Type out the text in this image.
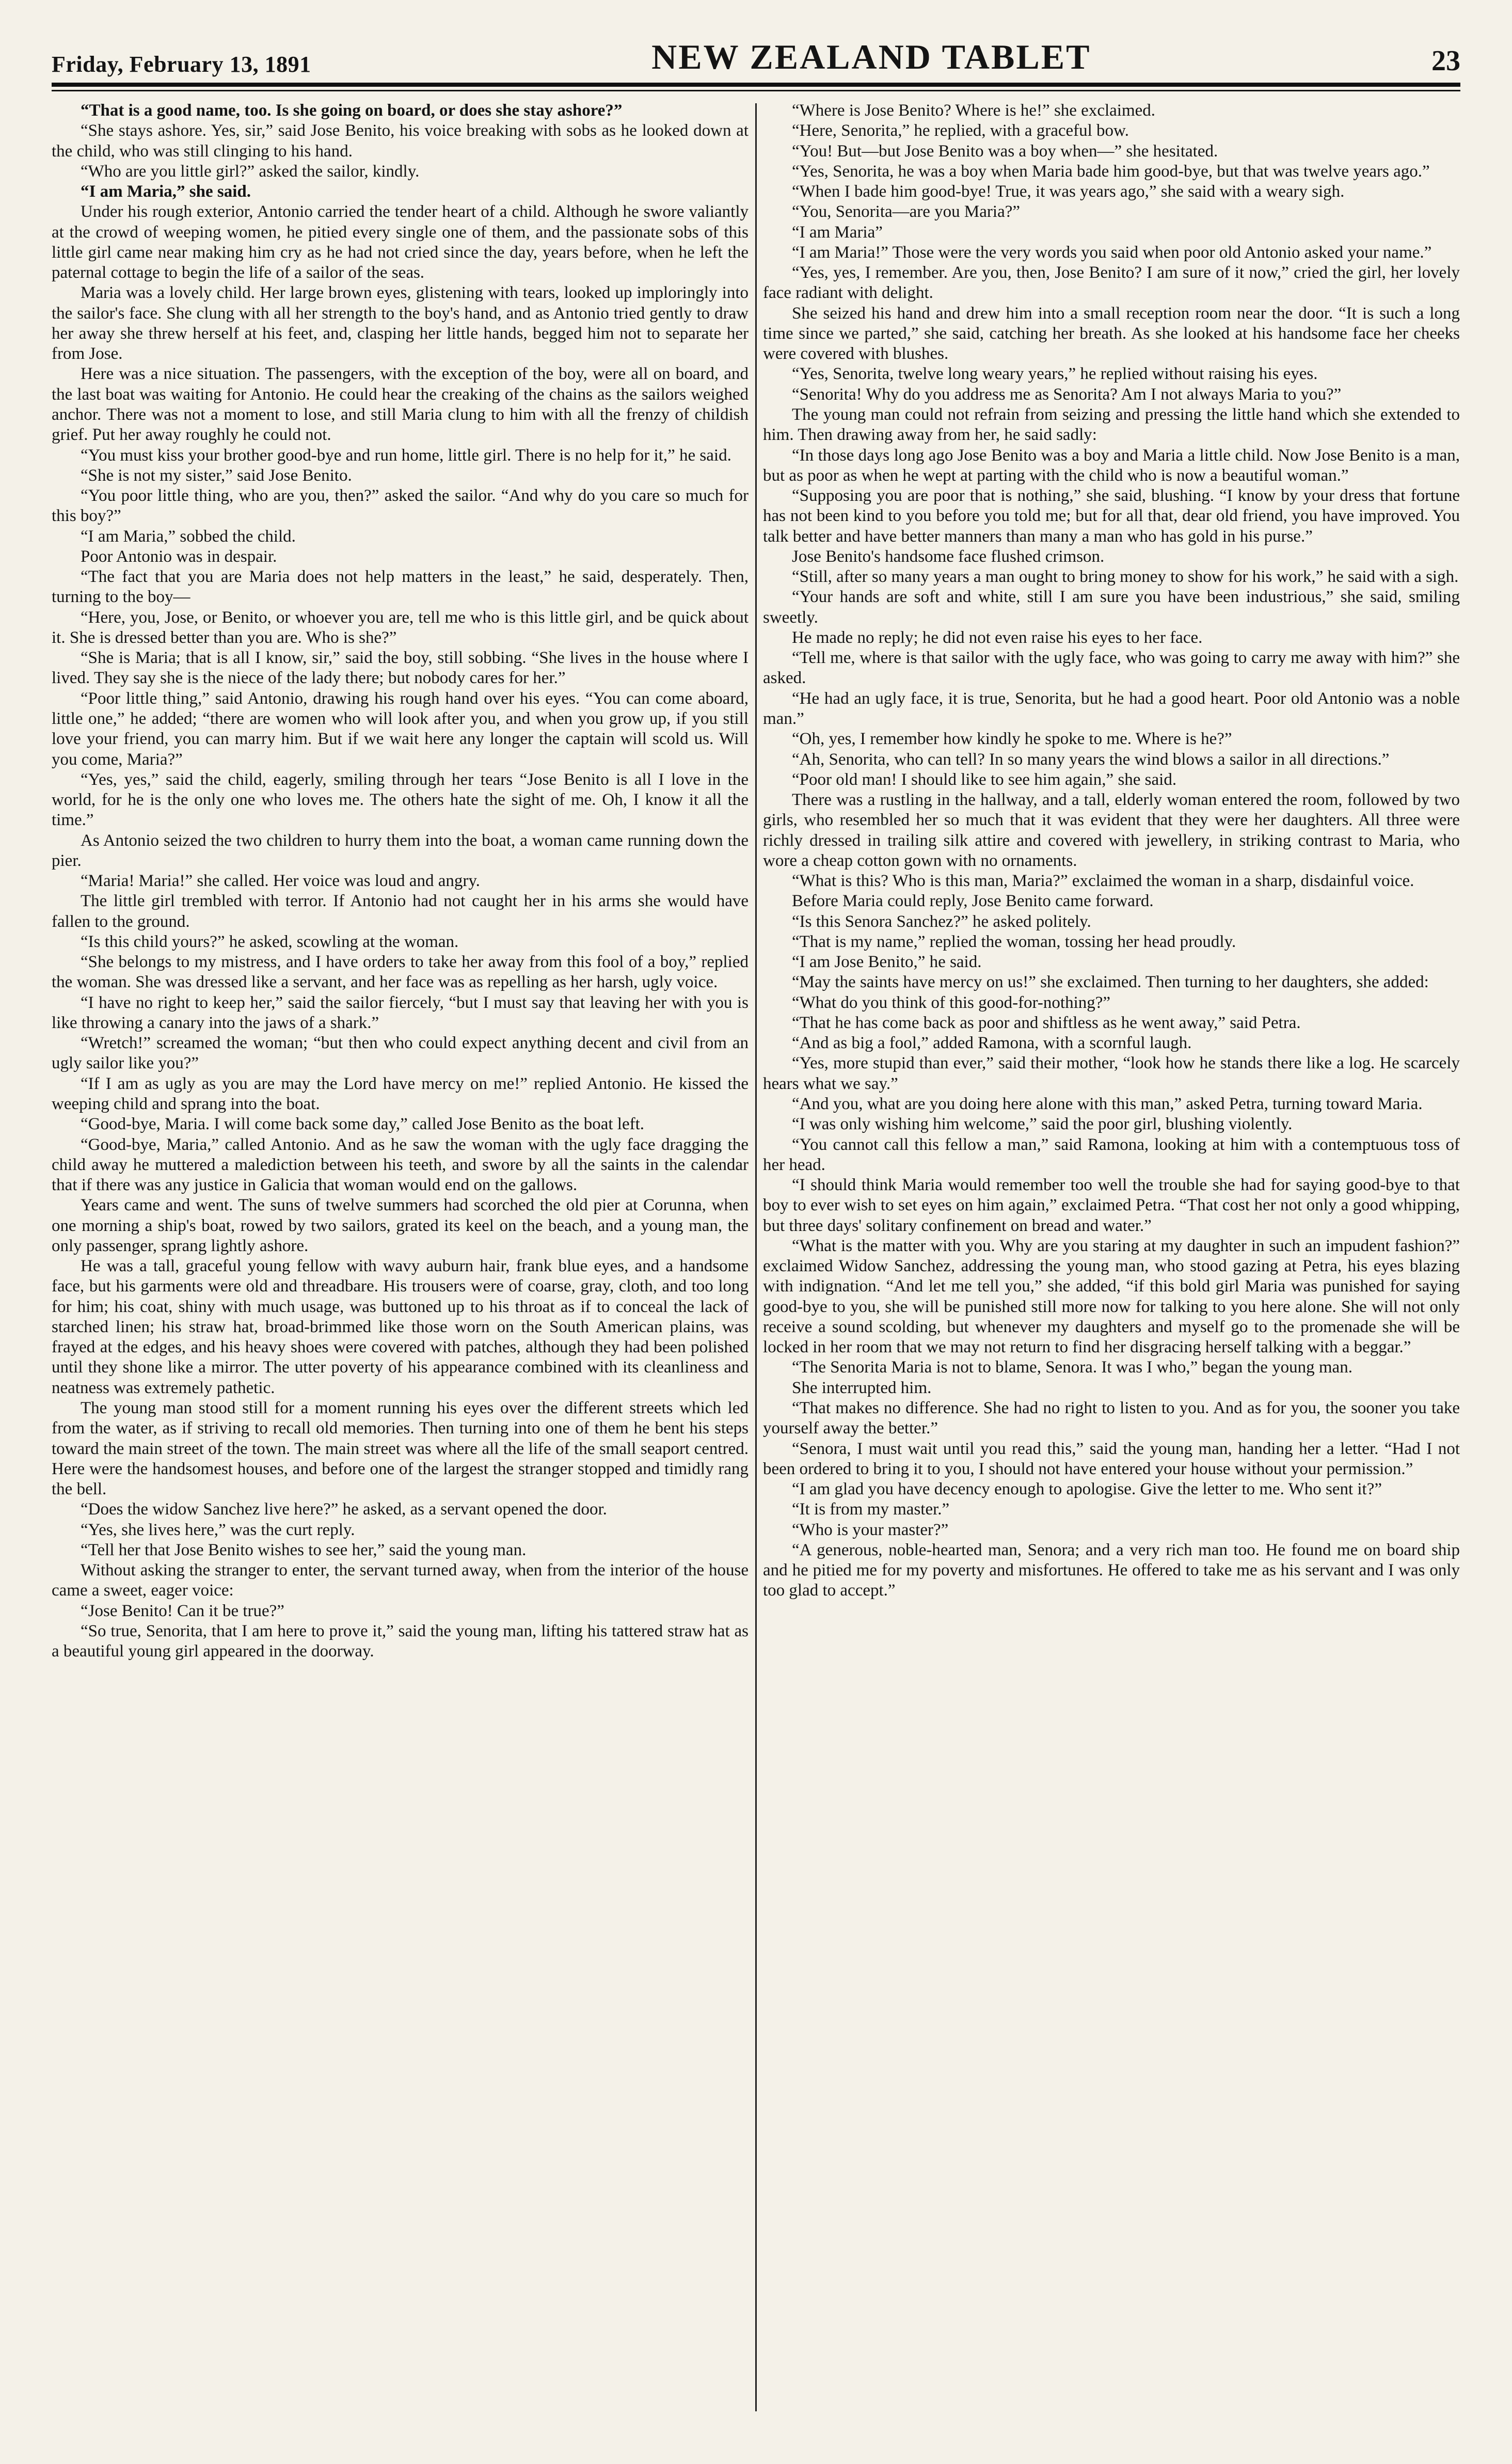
Friday, February 13, 1891	NEW ZEALAND TABLET	23

“That is a good name, too. Is she going on board, or does she stay ashore?”

“She stays ashore. Yes, sir,” said Jose Benito, his voice breaking with sobs as he looked down at the child, who was still clinging to his hand.

“Who are you little girl?” asked the sailor, kindly.

“I am Maria,” she said.

Under his rough exterior, Antonio carried the tender heart of a child. Although he swore valiantly at the crowd of weeping women, he pitied every single one of them, and the passionate sobs of this little girl came near making him cry as he had not cried since the day, years before, when he left the paternal cottage to begin the life of a sailor of the seas.

Maria was a lovely child. Her large brown eyes, glistening with tears, looked up imploringly into the sailor's face. She clung with all her strength to the boy's hand, and as Antonio tried gently to draw her away she threw herself at his feet, and, clasping her little hands, begged him not to separate her from Jose.

Here was a nice situation. The passengers, with the exception of the boy, were all on board, and the last boat was waiting for Antonio. He could hear the creaking of the chains as the sailors weighed anchor. There was not a moment to lose, and still Maria clung to him with all the frenzy of childish grief. Put her away roughly he could not.

“You must kiss your brother good-bye and run home, little girl. There is no help for it,” he said.

“She is not my sister,” said Jose Benito.

“You poor little thing, who are you, then?” asked the sailor. “And why do you care so much for this boy?”

“I am Maria,” sobbed the child.

Poor Antonio was in despair.

“The fact that you are Maria does not help matters in the least,” he said, desperately. Then, turning to the boy—

“Here, you, Jose, or Benito, or whoever you are, tell me who is this little girl, and be quick about it. She is dressed better than you are. Who is she?”

“She is Maria; that is all I know, sir,” said the boy, still sobbing. “She lives in the house where I lived. They say she is the niece of the lady there; but nobody cares for her.”

“Poor little thing,” said Antonio, drawing his rough hand over his eyes. “You can come aboard, little one,” he added; “there are women who will look after you, and when you grow up, if you still love your friend, you can marry him. But if we wait here any longer the captain will scold us. Will you come, Maria?”

“Yes, yes,” said the child, eagerly, smiling through her tears “Jose Benito is all I love in the world, for he is the only one who loves me. The others hate the sight of me. Oh, I know it all the time.”

As Antonio seized the two children to hurry them into the boat, a woman came running down the pier.

“Maria! Maria!” she called. Her voice was loud and angry.

The little girl trembled with terror. If Antonio had not caught her in his arms she would have fallen to the ground.

“Is this child yours?” he asked, scowling at the woman.

“She belongs to my mistress, and I have orders to take her away from this fool of a boy,” replied the woman. She was dressed like a servant, and her face was as repelling as her harsh, ugly voice.

“I have no right to keep her,” said the sailor fiercely, “but I must say that leaving her with you is like throwing a canary into the jaws of a shark.”

“Wretch!” screamed the woman; “but then who could expect anything decent and civil from an ugly sailor like you?”

“If I am as ugly as you are may the Lord have mercy on me!” replied Antonio. He kissed the weeping child and sprang into the boat.

“Good-bye, Maria. I will come back some day,” called Jose Benito as the boat left.

“Good-bye, Maria,” called Antonio. And as he saw the woman with the ugly face dragging the child away he muttered a malediction between his teeth, and swore by all the saints in the calendar that if there was any justice in Galicia that woman would end on the gallows.

Years came and went. The suns of twelve summers had scorched the old pier at Corunna, when one morning a ship's boat, rowed by two sailors, grated its keel on the beach, and a young man, the only passenger, sprang lightly ashore.

He was a tall, graceful young fellow with wavy auburn hair, frank blue eyes, and a handsome face, but his garments were old and threadbare. His trousers were of coarse, gray, cloth, and too long for him; his coat, shiny with much usage, was buttoned up to his throat as if to conceal the lack of starched linen; his straw hat, broad-brimmed like those worn on the South American plains, was frayed at the edges, and his heavy shoes were covered with patches, although they had been polished until they shone like a mirror. The utter poverty of his appearance combined with its cleanliness and neatness was extremely pathetic.

The young man stood still for a moment running his eyes over the different streets which led from the water, as if striving to recall old memories. Then turning into one of them he bent his steps toward the main street of the town. The main street was where all the life of the small seaport centred. Here were the handsomest houses, and before one of the largest the stranger stopped and timidly rang the bell.

“Does the widow Sanchez live here?” he asked, as a servant opened the door.

“Yes, she lives here,” was the curt reply.

“Tell her that Jose Benito wishes to see her,” said the young man.

Without asking the stranger to enter, the servant turned away, when from the interior of the house came a sweet, eager voice:

“Jose Benito! Can it be true?”

“So true, Senorita, that I am here to prove it,” said the young man, lifting his tattered straw hat as a beautiful young girl appeared in the doorway.

“Where is Jose Benito? Where is he!” she exclaimed.

“Here, Senorita,” he replied, with a graceful bow.

“You! But—but Jose Benito was a boy when—” she hesitated.

“Yes, Senorita, he was a boy when Maria bade him good-bye, but that was twelve years ago.”

“When I bade him good-bye! True, it was years ago,” she said with a weary sigh.

“You, Senorita—are you Maria?”

“I am Maria”

“I am Maria!” Those were the very words you said when poor old Antonio asked your name.”

“Yes, yes, I remember. Are you, then, Jose Benito? I am sure of it now,” cried the girl, her lovely face radiant with delight.

She seized his hand and drew him into a small reception room near the door. “It is such a long time since we parted,” she said, catching her breath. As she looked at his handsome face her cheeks were covered with blushes.

“Yes, Senorita, twelve long weary years,” he replied without raising his eyes.

“Senorita! Why do you address me as Senorita? Am I not always Maria to you?”

The young man could not refrain from seizing and pressing the little hand which she extended to him. Then drawing away from her, he said sadly:

“In those days long ago Jose Benito was a boy and Maria a little child. Now Jose Benito is a man, but as poor as when he wept at parting with the child who is now a beautiful woman.”

“Supposing you are poor that is nothing,” she said, blushing. “I know by your dress that fortune has not been kind to you before you told me; but for all that, dear old friend, you have improved. You talk better and have better manners than many a man who has gold in his purse.”

Jose Benito's handsome face flushed crimson.

“Still, after so many years a man ought to bring money to show for his work,” he said with a sigh.

“Your hands are soft and white, still I am sure you have been industrious,” she said, smiling sweetly.

He made no reply; he did not even raise his eyes to her face.

“Tell me, where is that sailor with the ugly face, who was going to carry me away with him?” she asked.

“He had an ugly face, it is true, Senorita, but he had a good heart. Poor old Antonio was a noble man.”

“Oh, yes, I remember how kindly he spoke to me. Where is he?”

“Ah, Senorita, who can tell? In so many years the wind blows a sailor in all directions.”

“Poor old man! I should like to see him again,” she said.

There was a rustling in the hallway, and a tall, elderly woman entered the room, followed by two girls, who resembled her so much that it was evident that they were her daughters. All three were richly dressed in trailing silk attire and covered with jewellery, in striking contrast to Maria, who wore a cheap cotton gown with no ornaments.

“What is this? Who is this man, Maria?” exclaimed the woman in a sharp, disdainful voice.

Before Maria could reply, Jose Benito came forward.

“Is this Senora Sanchez?” he asked politely.

“That is my name,” replied the woman, tossing her head proudly.

“I am Jose Benito,” he said.

“May the saints have mercy on us!” she exclaimed. Then turning to her daughters, she added:

“What do you think of this good-for-nothing?”

“That he has come back as poor and shiftless as he went away,” said Petra.

“And as big a fool,” added Ramona, with a scornful laugh.

“Yes, more stupid than ever,” said their mother, “look how he stands there like a log. He scarcely hears what we say.”

“And you, what are you doing here alone with this man,” asked Petra, turning toward Maria.

“I was only wishing him welcome,” said the poor girl, blushing violently.

“You cannot call this fellow a man,” said Ramona, looking at him with a contemptuous toss of her head.

“I should think Maria would remember too well the trouble she had for saying good-bye to that boy to ever wish to set eyes on him again,” exclaimed Petra. “That cost her not only a good whipping, but three days' solitary confinement on bread and water.”

“What is the matter with you. Why are you staring at my daughter in such an impudent fashion?” exclaimed Widow Sanchez, addressing the young man, who stood gazing at Petra, his eyes blazing with indignation. “And let me tell you,” she added, “if this bold girl Maria was punished for saying good-bye to you, she will be punished still more now for talking to you here alone. She will not only receive a sound scolding, but whenever my daughters and myself go to the promenade she will be locked in her room that we may not return to find her disgracing herself talking with a beggar.”

“The Senorita Maria is not to blame, Senora. It was I who,” began the young man.

She interrupted him.

“That makes no difference. She had no right to listen to you. And as for you, the sooner you take yourself away the better.”

“Senora, I must wait until you read this,” said the young man, handing her a letter. “Had I not been ordered to bring it to you, I should not have entered your house without your permission.”

“I am glad you have decency enough to apologise. Give the letter to me. Who sent it?”

“It is from my master.”

“Who is your master?”

“A generous, noble-hearted man, Senora; and a very rich man too. He found me on board ship and he pitied me for my poverty and misfortunes. He offered to take me as his servant and I was only too glad to accept.”
